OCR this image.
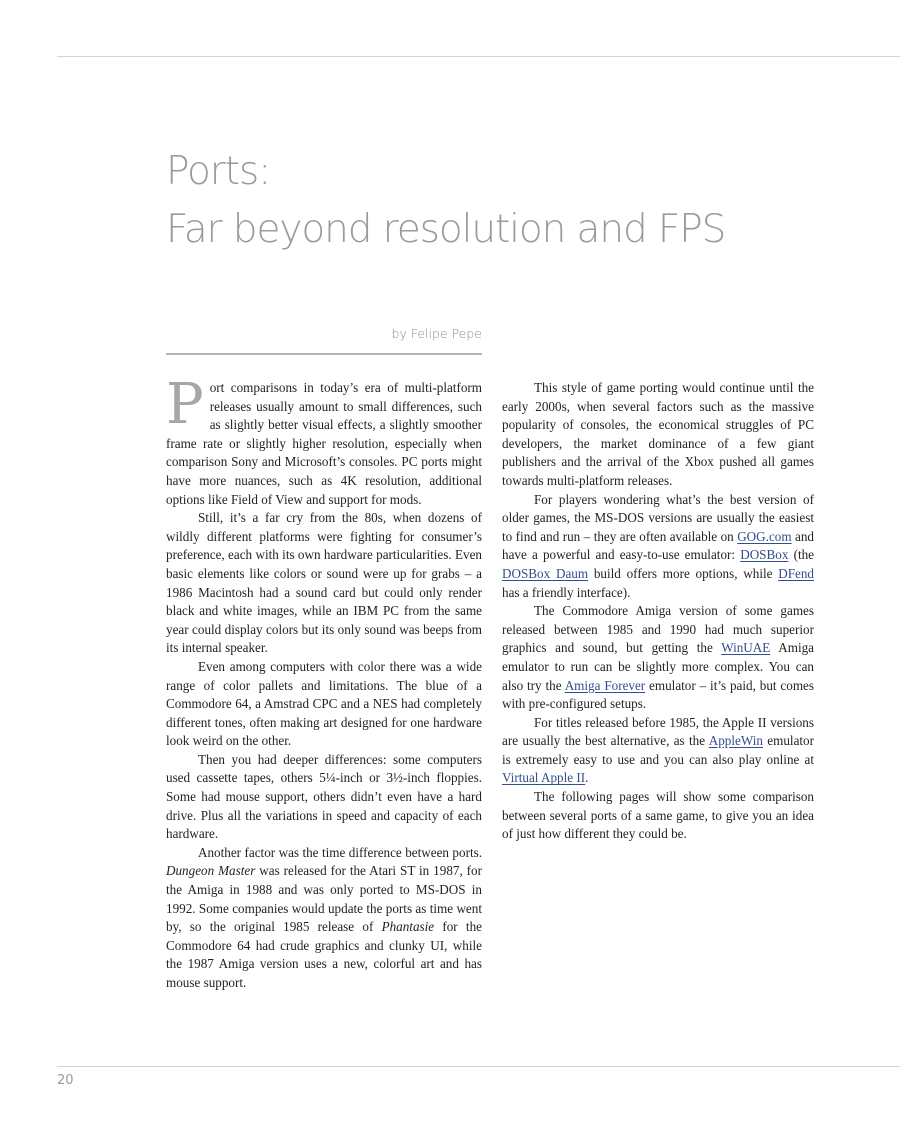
Ports:
Far beyond resolution and FPS
by Felipe Pepe

Port comparisons in today’s era of multi-platform releases usually amount to small differences, such as slightly better visual effects, a slightly smoother frame rate or slightly higher resolution, especially when comparison Sony and Microsoft’s consoles. PC ports might have more nuances, such as 4K resolution, additional options like Field of View and support for mods.

Still, it’s a far cry from the 80s, when dozens of wildly different platforms were fighting for consumer’s preference, each with its own hardware particularities. Even basic elements like colors or sound were up for grabs – a 1986 Macintosh had a sound card but could only render black and white images, while an IBM PC from the same year could display colors but its only sound was beeps from its internal speaker.

Even among computers with color there was a wide range of color pallets and limitations. The blue of a Commodore 64, a Amstrad CPC and a NES had completely different tones, often making art designed for one hardware look weird on the other.

Then you had deeper differences: some computers used cassette tapes, others 5¼-inch or 3½-inch floppies. Some had mouse support, others didn’t even have a hard drive. Plus all the variations in speed and capacity of each hardware.

Another factor was the time difference between ports. Dungeon Master was released for the Atari ST in 1987, for the Amiga in 1988 and was only ported to MS-DOS in 1992. Some companies would update the ports as time went by, so the original 1985 release of Phantasie for the Commodore 64 had crude graphics and clunky UI, while the 1987 Amiga version uses a new, colorful art and has mouse support.

This style of game porting would continue until the early 2000s, when several factors such as the massive popularity of consoles, the economical struggles of PC developers, the market dominance of a few giant publishers and the arrival of the Xbox pushed all games towards multi-platform releases.

For players wondering what’s the best version of older games, the MS-DOS versions are usually the easiest to find and run – they are often available on GOG.com and have a powerful and easy-to-use emulator: DOSBox (the DOSBox Daum build offers more options, while DFend has a friendly interface).

The Commodore Amiga version of some games released between 1985 and 1990 had much superior graphics and sound, but getting the WinUAE Amiga emulator to run can be slightly more complex. You can also try the Amiga Forever emulator – it’s paid, but comes with pre-configured setups.

For titles released before 1985, the Apple II versions are usually the best alternative, as the AppleWin emulator is extremely easy to use and you can also play online at Virtual Apple II.

The following pages will show some comparison between several ports of a same game, to give you an idea of just how different they could be.

20
